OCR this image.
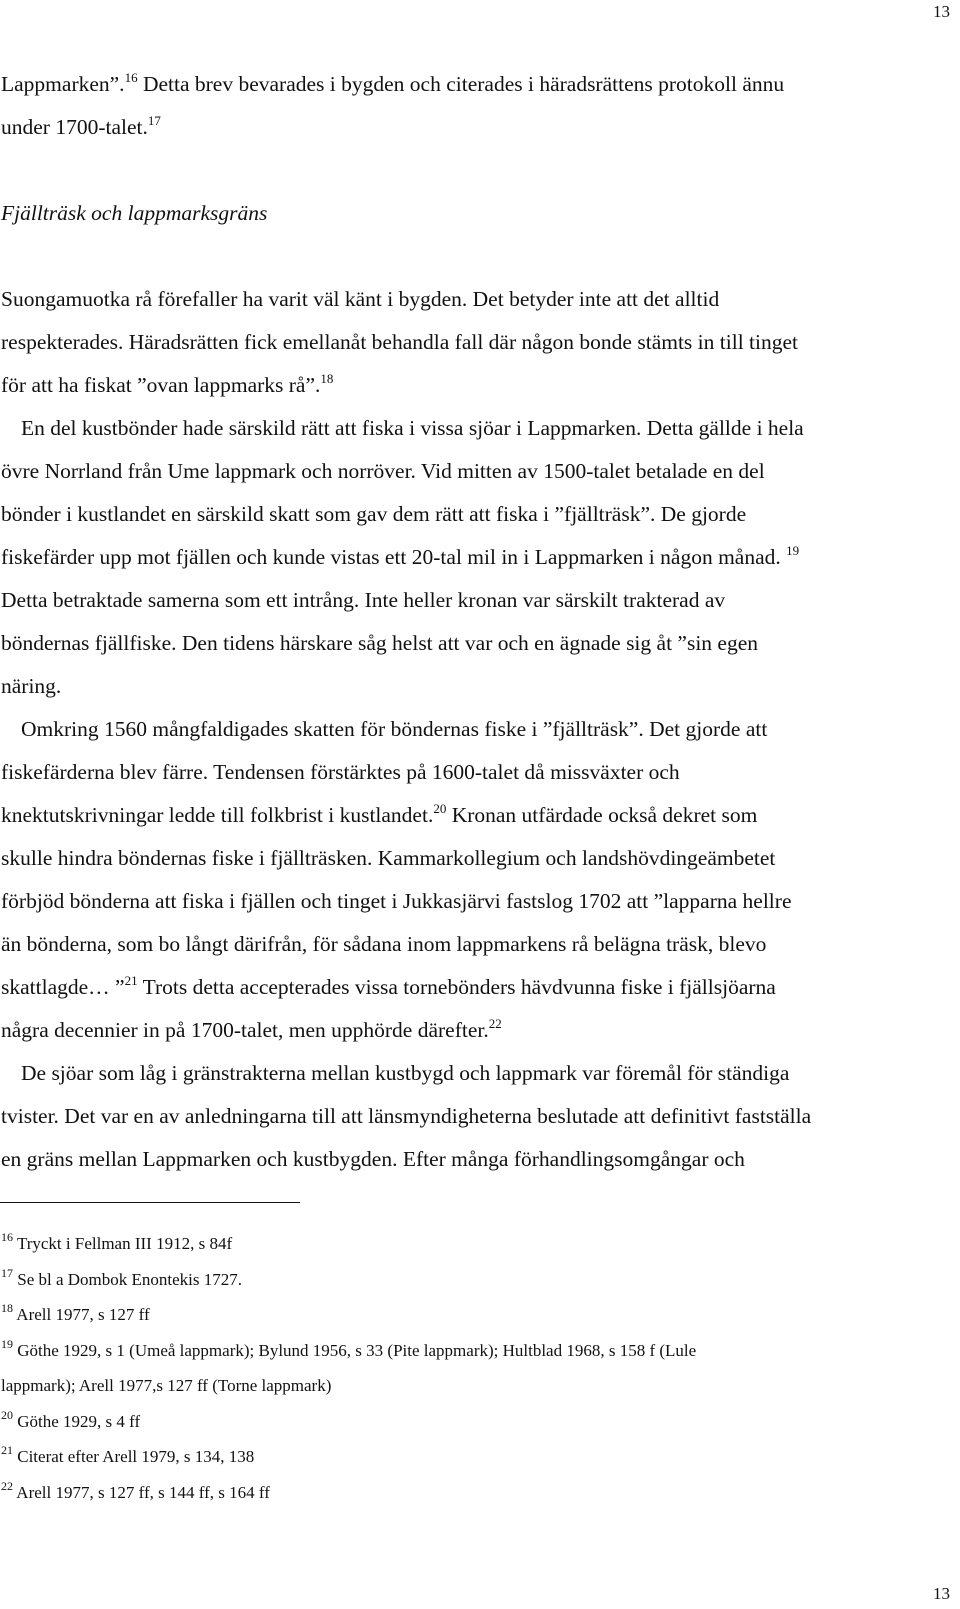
13

Lappmarken”.$^{16}$ Detta brev bevarades i bygden och citerades i häradsrättens protokoll ännu
under 1700-talet.$^{17}$

Fjällträsk och lappmarksgräns

Suongamuotka rå förefaller ha varit väl känt i bygden. Det betyder inte att det alltid
respekterades. Häradsrätten fick emellanåt behandla fall där någon bonde stämts in till tinget
för att ha fiskat ”ovan lappmarks rå”.$^{18}$

En del kustbönder hade särskild rätt att fiska i vissa sjöar i Lappmarken. Detta gällde i hela
övre Norrland från Ume lappmark och norröver. Vid mitten av 1500-talet betalade en del
bönder i kustlandet en särskild skatt som gav dem rätt att fiska i ”fjällträsk”. De gjorde
fiskefärder upp mot fjällen och kunde vistas ett 20-tal mil in i Lappmarken i någon månad. $^{19}$
Detta betraktade samerna som ett intrång. Inte heller kronan var särskilt trakterad av
böndernas fjällfiske. Den tidens härskare såg helst att var och en ägnade sig åt ”sin egen
näring.

Omkring 1560 mångfaldigades skatten för böndernas fiske i ”fjällträsk”. Det gjorde att
fiskefärderna blev färre. Tendensen förstärktes på 1600-talet då missväxter och
knektutskrivningar ledde till folkbrist i kustlandet.$^{20}$ Kronan utfärdade också dekret som
skulle hindra böndernas fiske i fjällträsken. Kammarkollegium och landshövdingeämbetet
förbjöd bönderna att fiska i fjällen och tinget i Jukkasjärvi fastslog 1702 att ”lapparna hellre
än bönderna, som bo långt därifrån, för sådana inom lappmarkens rå belägna träsk, blevo
skattlagde… ”$^{21}$ Trots detta accepterades vissa tornebönders hävdvunna fiske i fjällsjöarna
några decennier in på 1700-talet, men upphörde därefter.$^{22}$

De sjöar som låg i gränstrakterna mellan kustbygd och lappmark var föremål för ständiga
tvister. Det var en av anledningarna till att länsmyndigheterna beslutade att definitivt fastställa
en gräns mellan Lappmarken och kustbygden. Efter många förhandlingsomgångar och

$^{16}$ Tryckt i Fellman III 1912, s 84f
$^{17}$ Se bl a Dombok Enontekis 1727.
$^{18}$ Arell 1977, s 127 ff
$^{19}$ Göthe 1929, s 1 (Umeå lappmark); Bylund 1956, s 33 (Pite lappmark); Hultblad 1968, s 158 f (Lule
lappmark); Arell 1977,s 127 ff (Torne lappmark)
$^{20}$ Göthe 1929, s 4 ff
$^{21}$ Citerat efter Arell 1979, s 134, 138
$^{22}$ Arell 1977, s 127 ff, s 144 ff, s 164 ff
13
